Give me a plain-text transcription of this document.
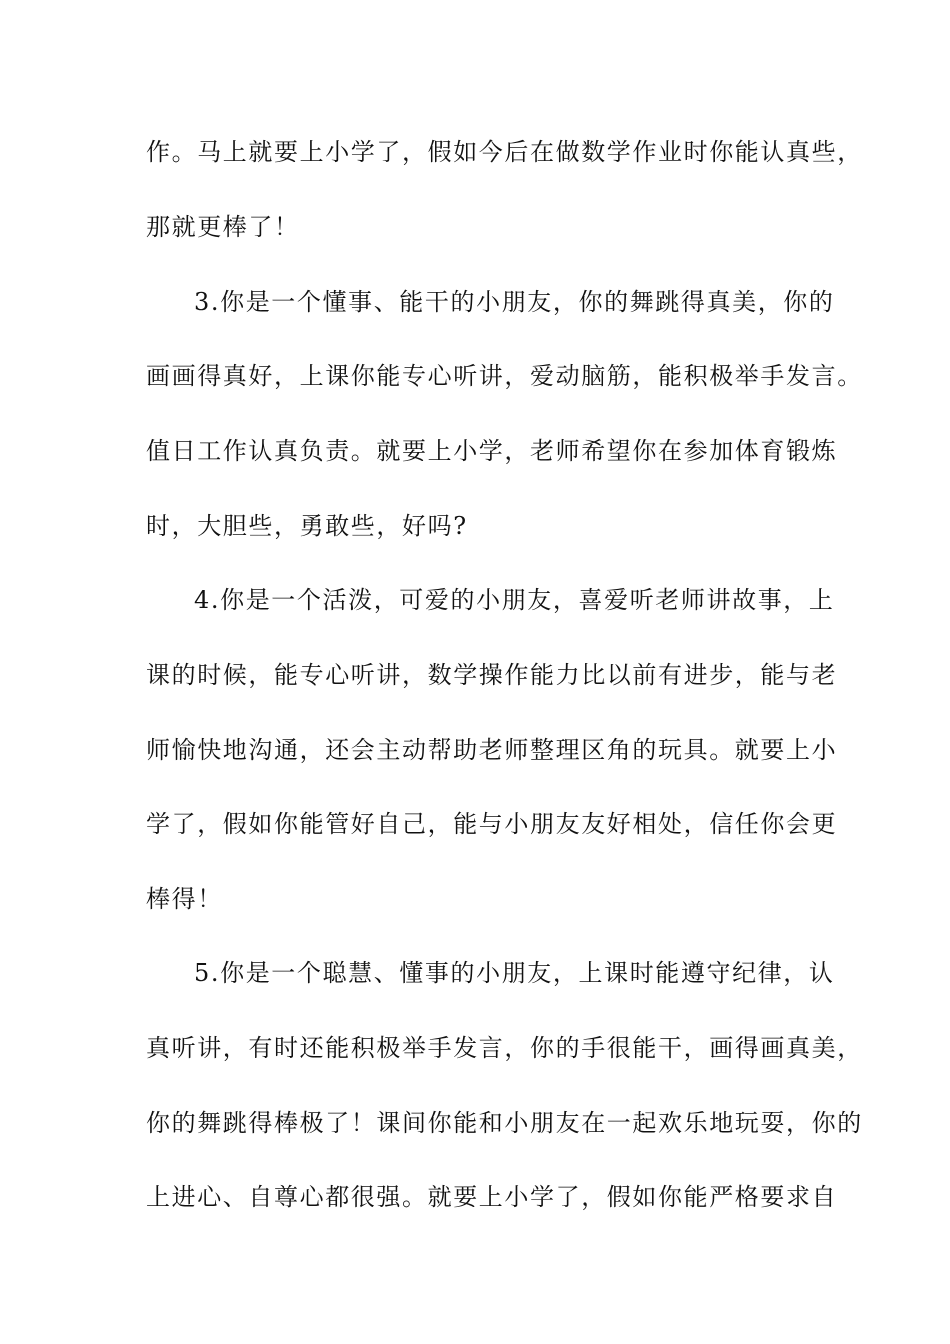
作。马上就要上小学了，假如今后在做数学作业时你能认真些，
那就更棒了！
3.你是一个懂事、能干的小朋友，你的舞跳得真美，你的
画画得真好，上课你能专心听讲，爱动脑筋，能积极举手发言。
值日工作认真负责。就要上小学，老师希望你在参加体育锻炼
时，大胆些，勇敢些，好吗?
4.你是一个活泼，可爱的小朋友，喜爱听老师讲故事，上
课的时候，能专心听讲，数学操作能力比以前有进步，能与老
师愉快地沟通，还会主动帮助老师整理区角的玩具。就要上小
学了，假如你能管好自己，能与小朋友友好相处，信任你会更
棒得！
5.你是一个聪慧、懂事的小朋友，上课时能遵守纪律，认
真听讲，有时还能积极举手发言，你的手很能干，画得画真美，
你的舞跳得棒极了！课间你能和小朋友在一起欢乐地玩耍，你的
上进心、自尊心都很强。就要上小学了，假如你能严格要求自
